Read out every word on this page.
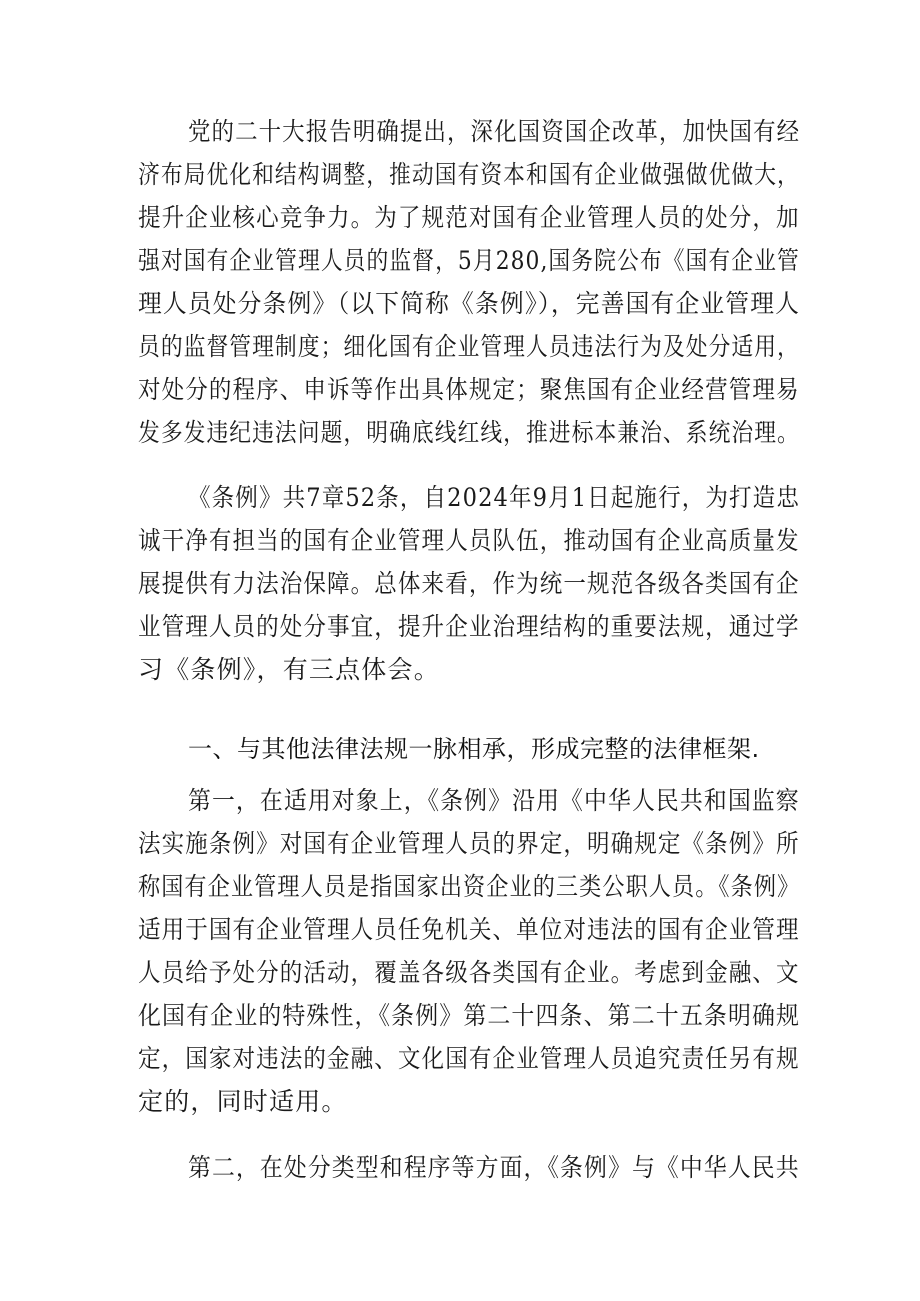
党的二十大报告明确提出，深化国资国企改革，加快国有经
济布局优化和结构调整，推动国有资本和国有企业做强做优做大，
提升企业核心竞争力。为了规范对国有企业管理人员的处分，加
强对国有企业管理人员的监督，5月280,国务院公布《国有企业管
理人员处分条例》（以下简称《条例》），完善国有企业管理人
员的监督管理制度；细化国有企业管理人员违法行为及处分适用，
对处分的程序、申诉等作出具体规定；聚焦国有企业经营管理易
发多发违纪违法问题，明确底线红线，推进标本兼治、系统治理。
《条例》共7章52条，自2024年9月1日起施行，为打造忠
诚干净有担当的国有企业管理人员队伍，推动国有企业高质量发
展提供有力法治保障。总体来看，作为统一规范各级各类国有企
业管理人员的处分事宜，提升企业治理结构的重要法规，通过学
习《条例》，有三点体会。
一、与其他法律法规一脉相承，形成完整的法律框架.
第一，在适用对象上，《条例》沿用《中华人民共和国监察
法实施条例》对国有企业管理人员的界定，明确规定《条例》所
称国有企业管理人员是指国家出资企业的三类公职人员。《条例》
适用于国有企业管理人员任免机关、单位对违法的国有企业管理
人员给予处分的活动，覆盖各级各类国有企业。考虑到金融、文
化国有企业的特殊性，《条例》第二十四条、第二十五条明确规
定，国家对违法的金融、文化国有企业管理人员追究责任另有规
定的，同时适用。
第二，在处分类型和程序等方面，《条例》与《中华人民共
